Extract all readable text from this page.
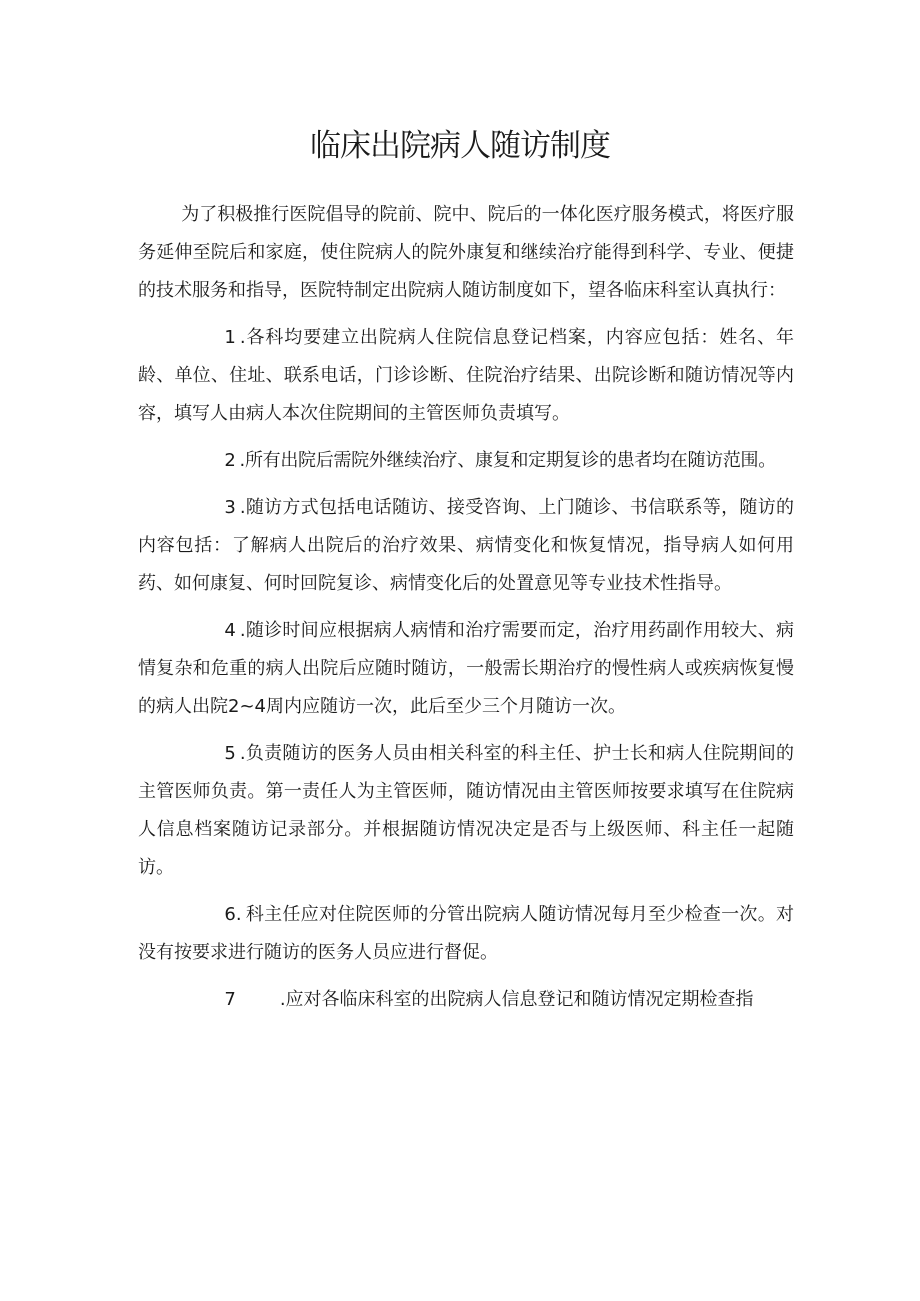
临床出院病人随访制度

为了积极推行医院倡导的院前、院中、院后的一体化医疗服务模式，将医疗服务延伸至院后和家庭，使住院病人的院外康复和继续治疗能得到科学、专业、便捷的技术服务和指导，医院特制定出院病人随访制度如下，望各临床科室认真执行：

1 .各科均要建立出院病人住院信息登记档案，内容应包括：姓名、年龄、单位、住址、联系电话，门诊诊断、住院治疗结果、出院诊断和随访情况等内容，填写人由病人本次住院期间的主管医师负责填写。

2 .所有出院后需院外继续治疗、康复和定期复诊的患者均在随访范围。

3 .随访方式包括电话随访、接受咨询、上门随诊、书信联系等，随访的内容包括：了解病人出院后的治疗效果、病情变化和恢复情况，指导病人如何用药、如何康复、何时回院复诊、病情变化后的处置意见等专业技术性指导。

4 .随诊时间应根据病人病情和治疗需要而定，治疗用药副作用较大、病情复杂和危重的病人出院后应随时随访，一般需长期治疗的慢性病人或疾病恢复慢的病人出院2~4周内应随访一次，此后至少三个月随访一次。

5 .负责随访的医务人员由相关科室的科主任、护士长和病人住院期间的主管医师负责。第一责任人为主管医师，随访情况由主管医师按要求填写在住院病人信息档案随访记录部分。并根据随访情况决定是否与上级医师、科主任一起随访。

6. 科主任应对住院医师的分管出院病人随访情况每月至少检查一次。对没有按要求进行随访的医务人员应进行督促。

7 .应对各临床科室的出院病人信息登记和随访情况定期检查指
